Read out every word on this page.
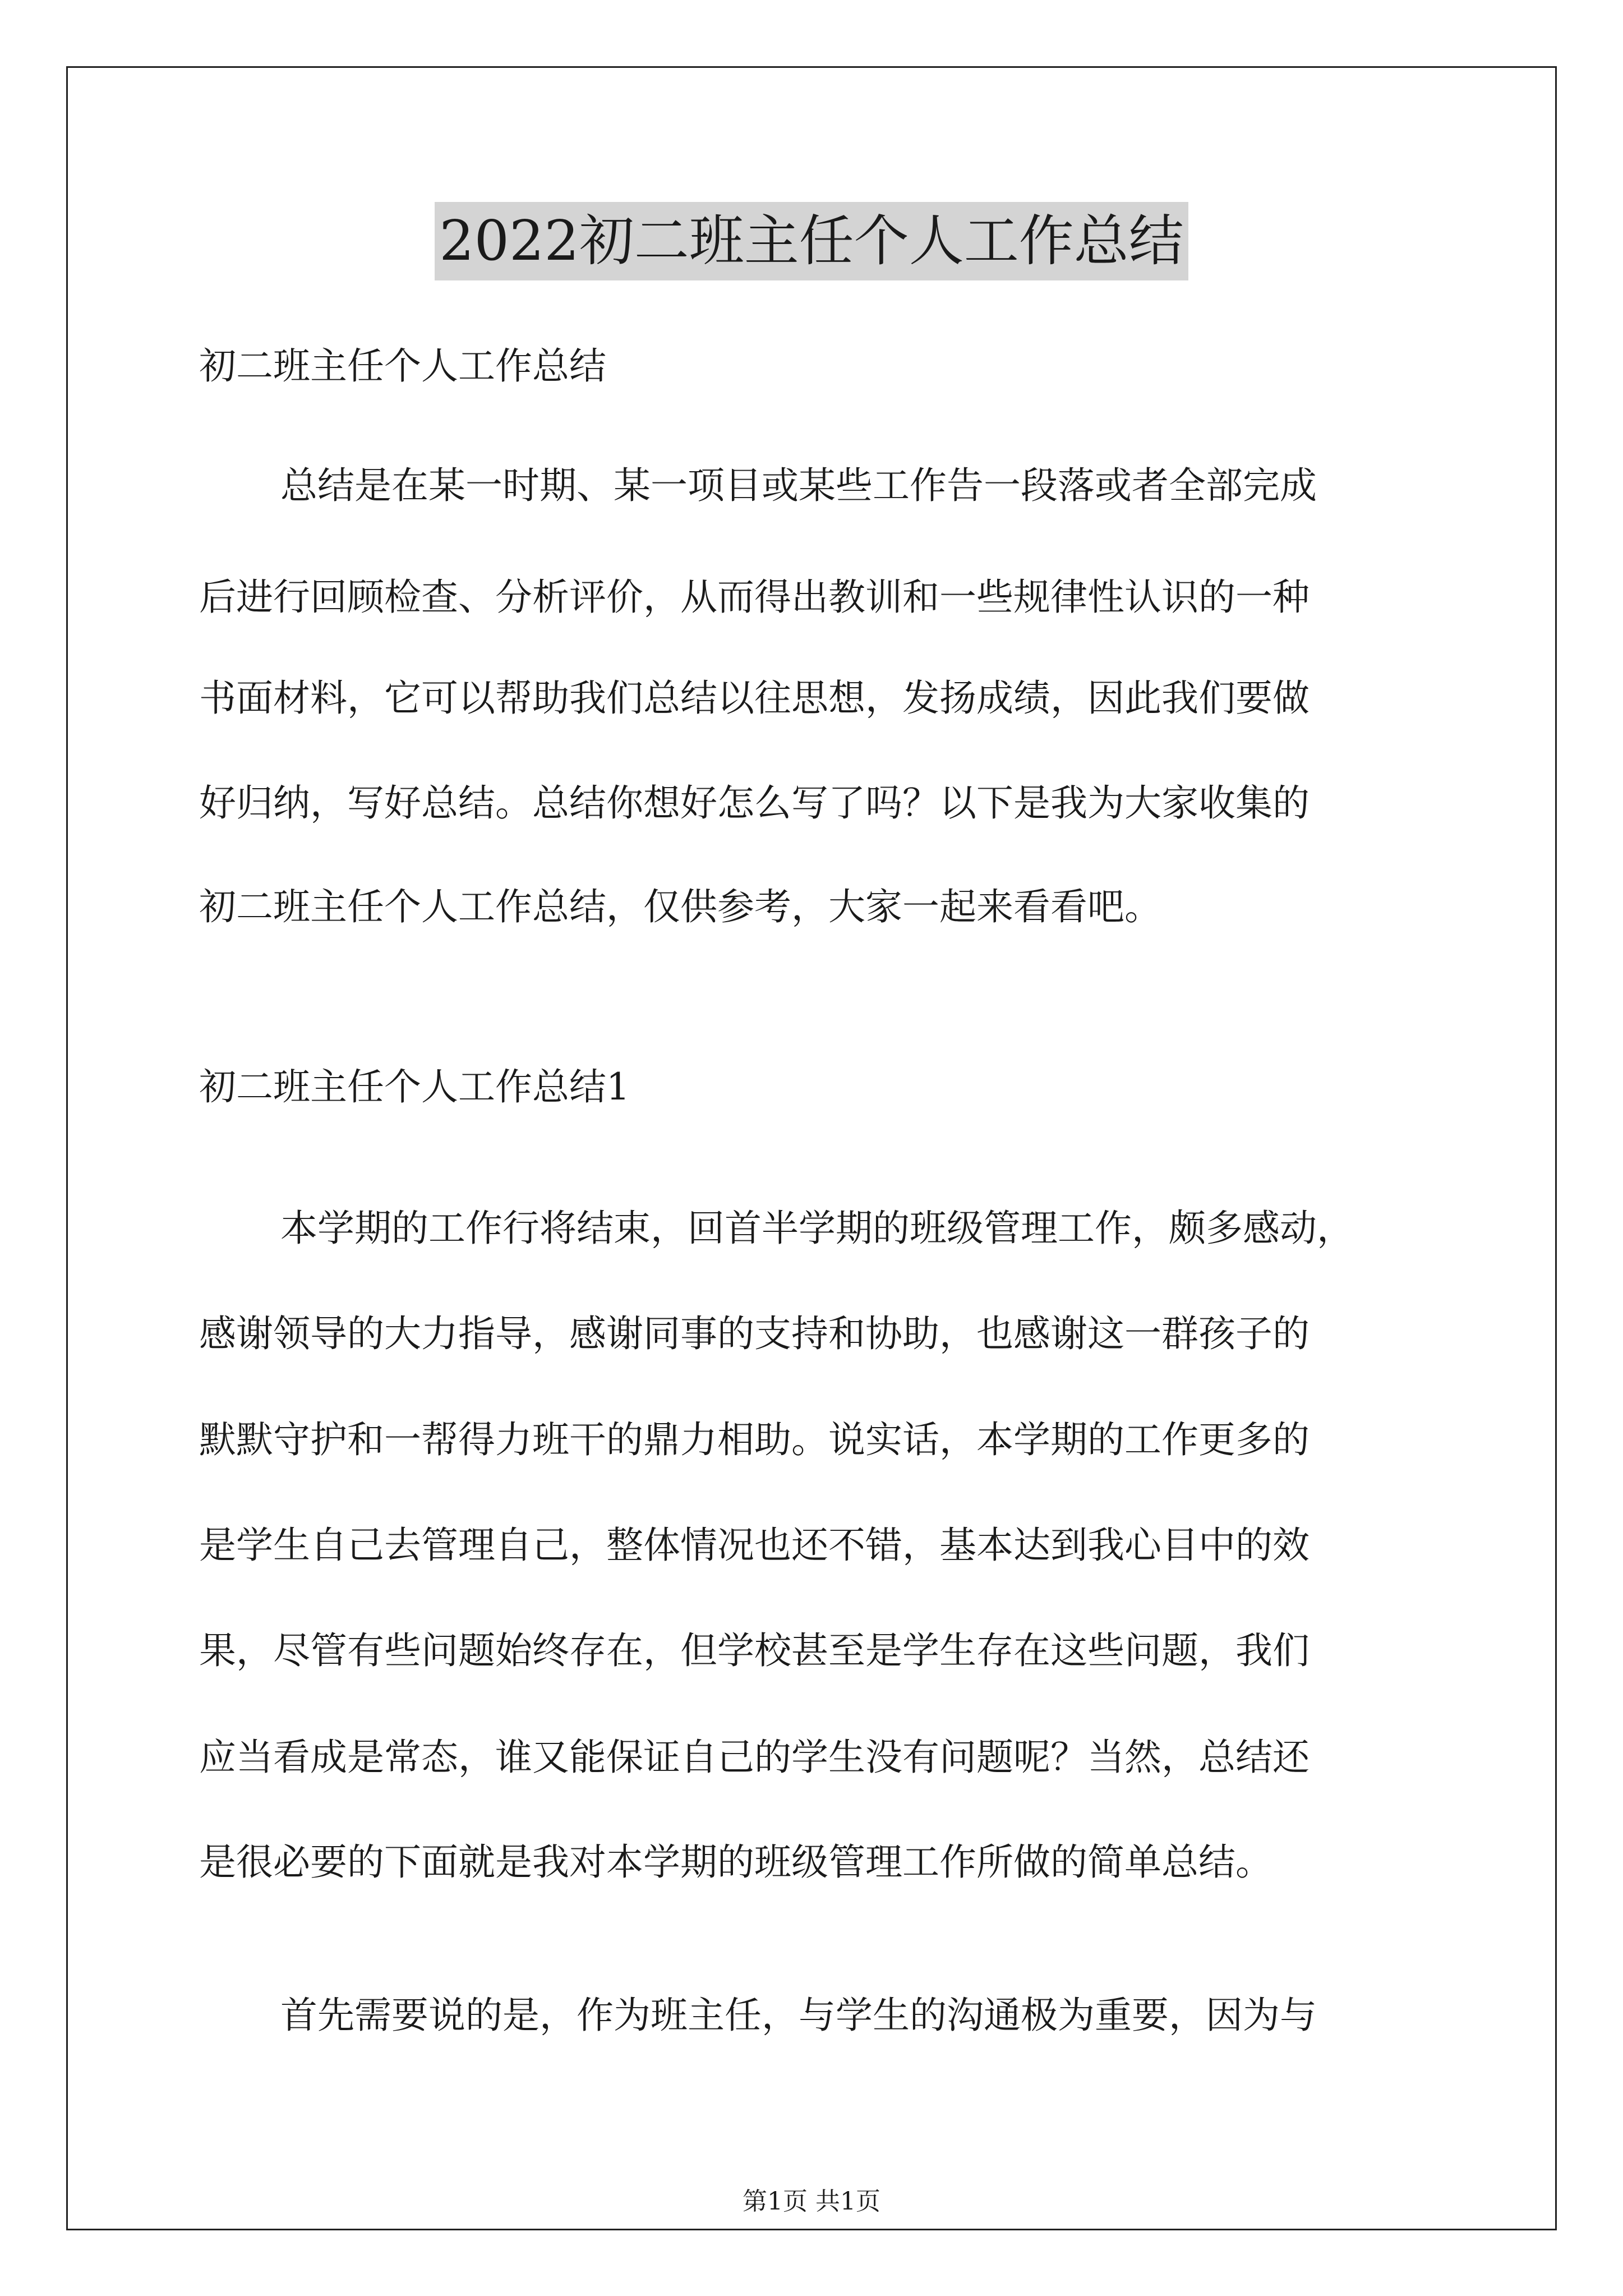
2022初二班主任个人工作总结
初二班主任个人工作总结
总结是在某一时期、某一项目或某些工作告一段落或者全部完成
后进行回顾检查、分析评价，从而得出教训和一些规律性认识的一种
书面材料，它可以帮助我们总结以往思想，发扬成绩，因此我们要做
好归纳，写好总结。总结你想好怎么写了吗？以下是我为大家收集的
初二班主任个人工作总结，仅供参考，大家一起来看看吧。
初二班主任个人工作总结1
本学期的工作行将结束，回首半学期的班级管理工作，颇多感动，
感谢领导的大力指导，感谢同事的支持和协助，也感谢这一群孩子的
默默守护和一帮得力班干的鼎力相助。说实话，本学期的工作更多的
是学生自己去管理自己，整体情况也还不错，基本达到我心目中的效
果，尽管有些问题始终存在，但学校甚至是学生存在这些问题，我们
应当看成是常态，谁又能保证自己的学生没有问题呢？当然，总结还
是很必要的下面就是我对本学期的班级管理工作所做的简单总结。
首先需要说的是，作为班主任，与学生的沟通极为重要，因为与
第1页 共1页
